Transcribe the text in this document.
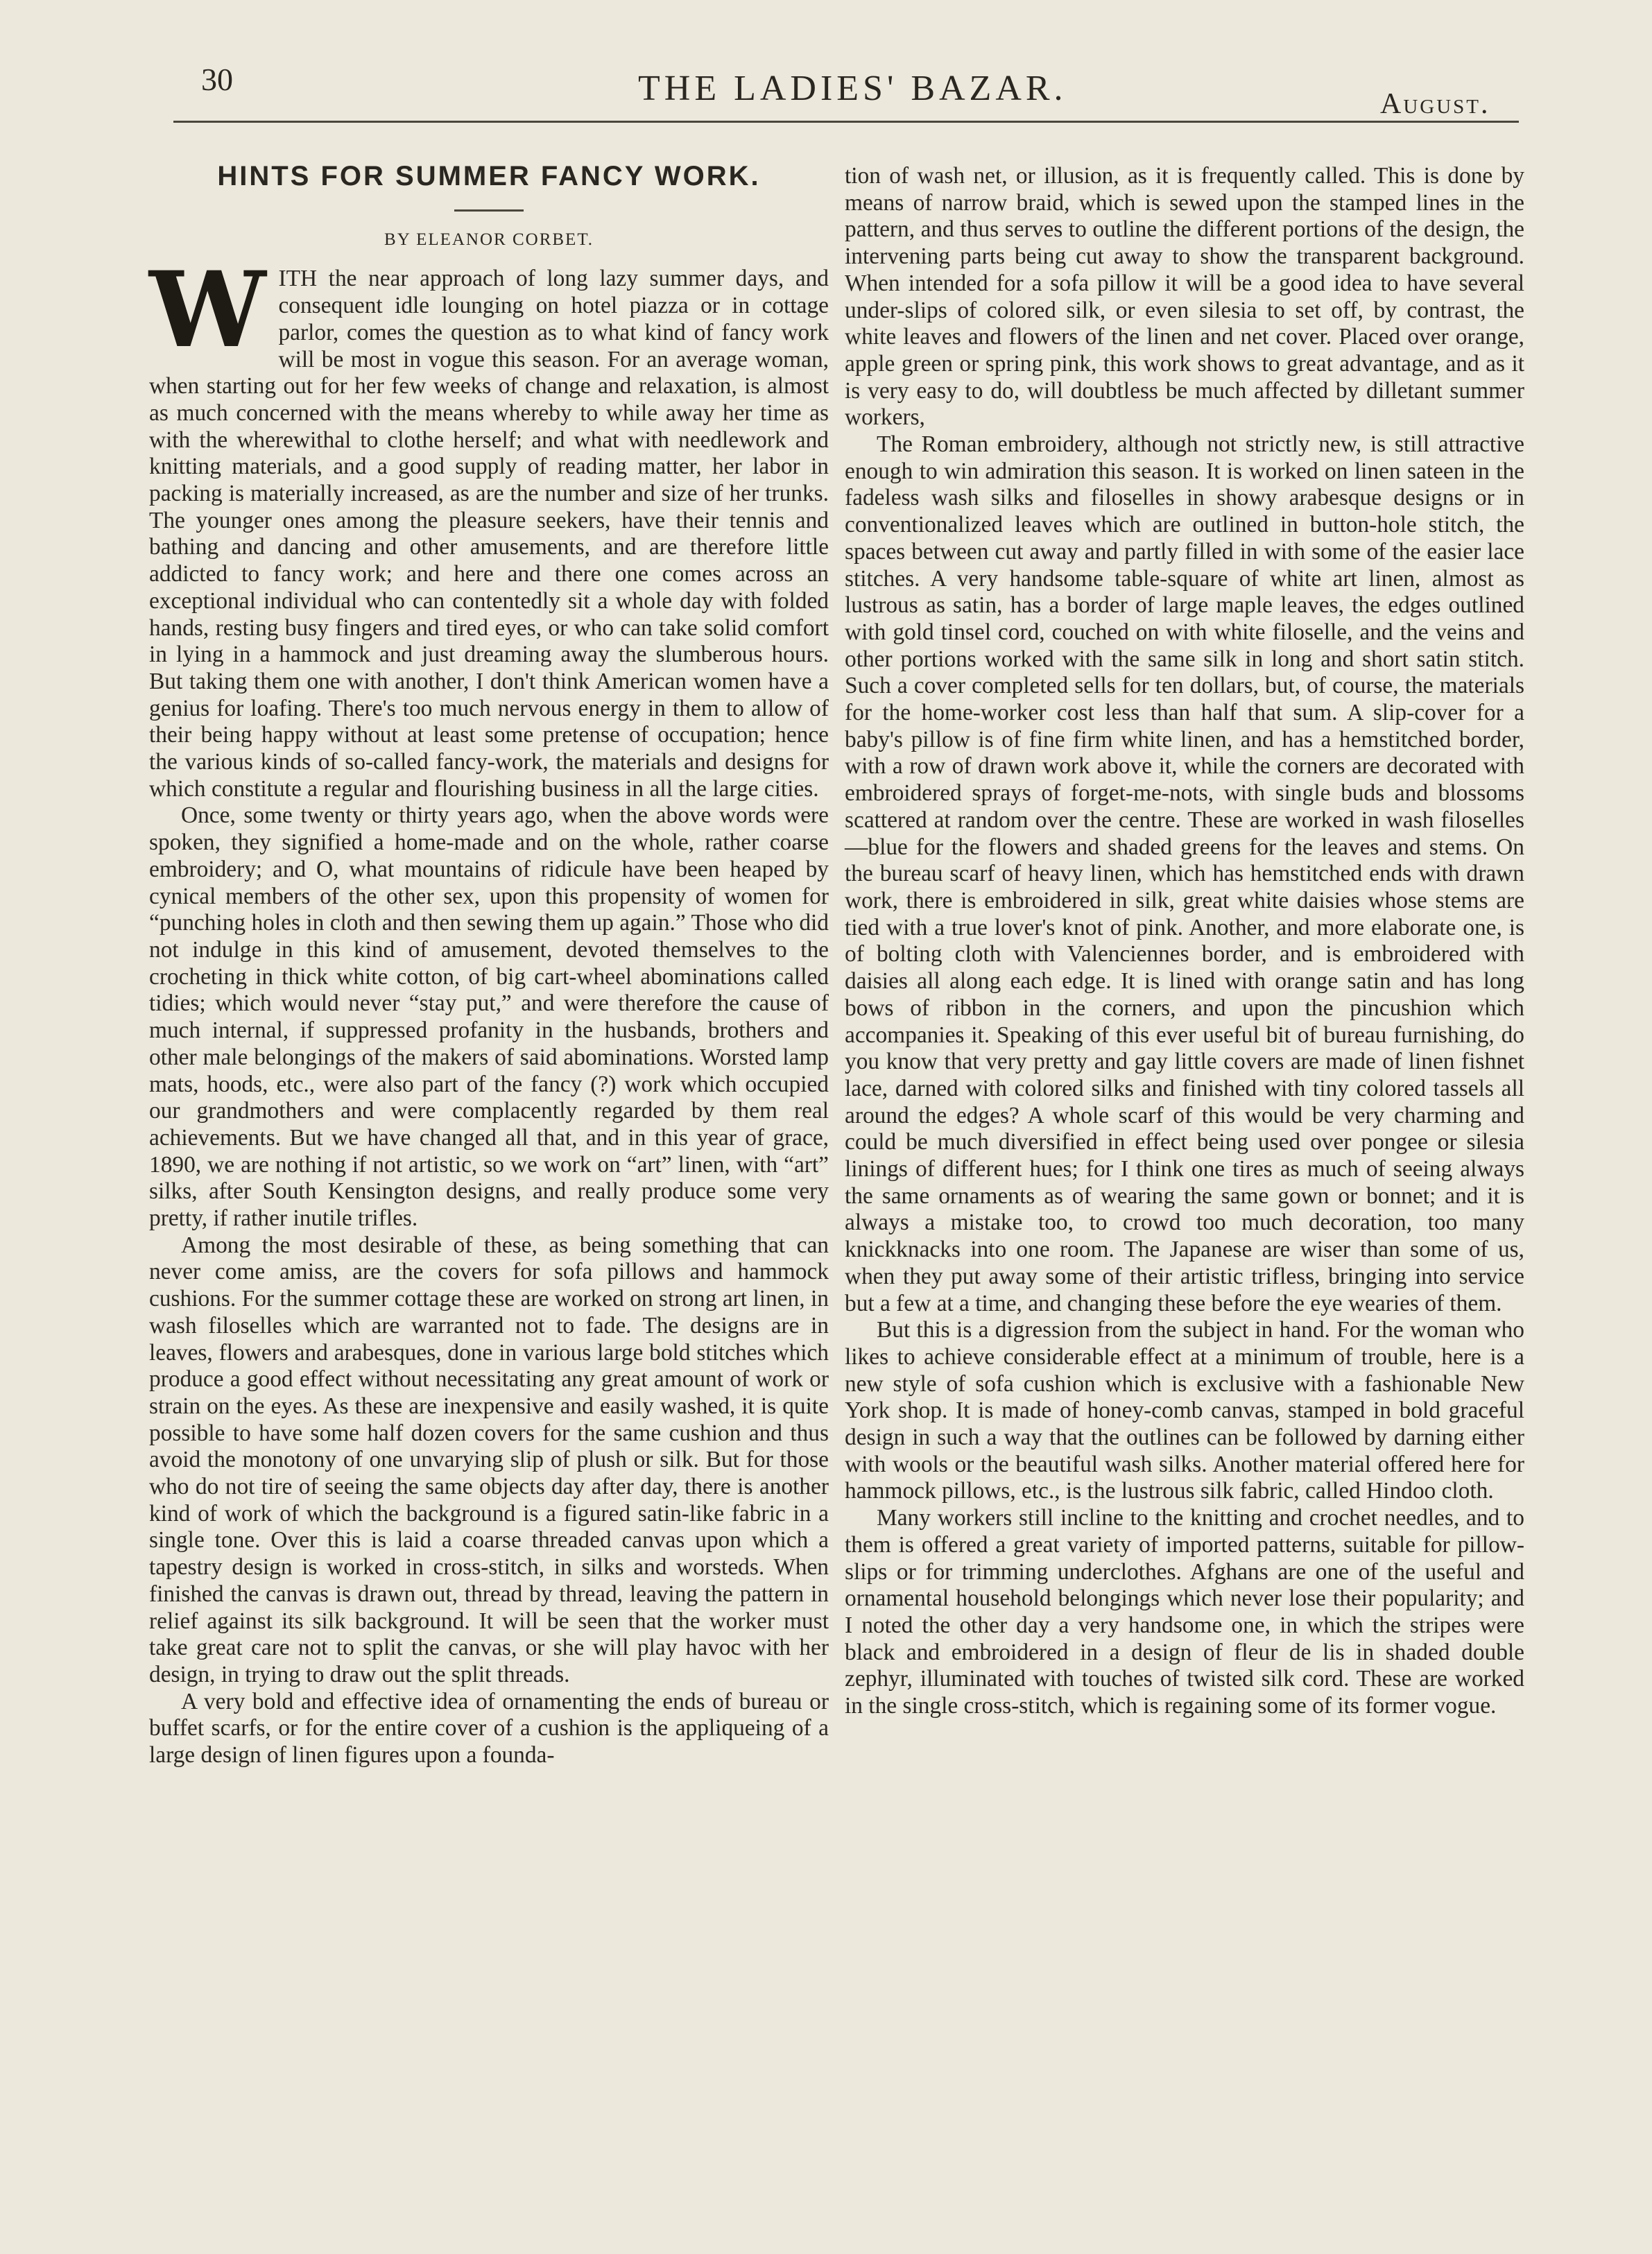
30	THE LADIES' BAZAR.	August.
HINTS FOR SUMMER FANCY WORK.

BY ELEANOR CORBET.

WITH the near approach of long lazy summer days, and consequent idle lounging on hotel piazza or in cottage parlor, comes the question as to what kind of fancy work will be most in vogue this season. For an average woman, when starting out for her few weeks of change and relaxation, is almost as much concerned with the means whereby to while away her time as with the wherewithal to clothe herself; and what with needlework and knitting materials, and a good supply of reading matter, her labor in packing is materially increased, as are the number and size of her trunks. The younger ones among the pleasure seekers, have their tennis and bathing and dancing and other amusements, and are therefore little addicted to fancy work; and here and there one comes across an exceptional individual who can contentedly sit a whole day with folded hands, resting busy fingers and tired eyes, or who can take solid comfort in lying in a hammock and just dreaming away the slumberous hours. But taking them one with another, I don't think American women have a genius for loafing. There's too much nervous energy in them to allow of their being happy without at least some pretense of occupation; hence the various kinds of so-called fancy-work, the materials and designs for which constitute a regular and flourishing business in all the large cities.

Once, some twenty or thirty years ago, when the above words were spoken, they signified a home-made and on the whole, rather coarse embroidery; and O, what mountains of ridicule have been heaped by cynical members of the other sex, upon this propensity of women for “punching holes in cloth and then sewing them up again.” Those who did not indulge in this kind of amusement, devoted themselves to the crocheting in thick white cotton, of big cart-wheel abominations called tidies; which would never “stay put,” and were therefore the cause of much internal, if suppressed profanity in the husbands, brothers and other male belongings of the makers of said abominations. Worsted lamp mats, hoods, etc., were also part of the fancy (?) work which occupied our grandmothers and were complacently regarded by them real achievements. But we have changed all that, and in this year of grace, 1890, we are nothing if not artistic, so we work on “art” linen, with “art” silks, after South Kensington designs, and really produce some very pretty, if rather inutile trifles.

Among the most desirable of these, as being something that can never come amiss, are the covers for sofa pillows and hammock cushions. For the summer cottage these are worked on strong art linen, in wash filoselles which are warranted not to fade. The designs are in leaves, flowers and arabesques, done in various large bold stitches which produce a good effect without necessitating any great amount of work or strain on the eyes. As these are inexpensive and easily washed, it is quite possible to have some half dozen covers for the same cushion and thus avoid the monotony of one unvarying slip of plush or silk. But for those who do not tire of seeing the same objects day after day, there is another kind of work of which the background is a figured satin-like fabric in a single tone. Over this is laid a coarse threaded canvas upon which a tapestry design is worked in cross-stitch, in silks and worsteds. When finished the canvas is drawn out, thread by thread, leaving the pattern in relief against its silk background. It will be seen that the worker must take great care not to split the canvas, or she will play havoc with her design, in trying to draw out the split threads.

A very bold and effective idea of ornamenting the ends of bureau or buffet scarfs, or for the entire cover of a cushion is the appliqueing of a large design of linen figures upon a founda-

tion of wash net, or illusion, as it is frequently called. This is done by means of narrow braid, which is sewed upon the stamped lines in the pattern, and thus serves to outline the different portions of the design, the intervening parts being cut away to show the transparent background. When intended for a sofa pillow it will be a good idea to have several under-slips of colored silk, or even silesia to set off, by contrast, the white leaves and flowers of the linen and net cover. Placed over orange, apple green or spring pink, this work shows to great advantage, and as it is very easy to do, will doubtless be much affected by dilletant summer workers,

The Roman embroidery, although not strictly new, is still attractive enough to win admiration this season. It is worked on linen sateen in the fadeless wash silks and filoselles in showy arabesque designs or in conventionalized leaves which are outlined in button-hole stitch, the spaces between cut away and partly filled in with some of the easier lace stitches. A very handsome table-square of white art linen, almost as lustrous as satin, has a border of large maple leaves, the edges outlined with gold tinsel cord, couched on with white filoselle, and the veins and other portions worked with the same silk in long and short satin stitch. Such a cover completed sells for ten dollars, but, of course, the materials for the home-worker cost less than half that sum. A slip-cover for a baby's pillow is of fine firm white linen, and has a hemstitched border, with a row of drawn work above it, while the corners are decorated with embroidered sprays of forget-me-nots, with single buds and blossoms scattered at random over the centre. These are worked in wash filoselles —blue for the flowers and shaded greens for the leaves and stems. On the bureau scarf of heavy linen, which has hemstitched ends with drawn work, there is embroidered in silk, great white daisies whose stems are tied with a true lover's knot of pink. Another, and more elaborate one, is of bolting cloth with Valenciennes border, and is embroidered with daisies all along each edge. It is lined with orange satin and has long bows of ribbon in the corners, and upon the pincushion which accompanies it. Speaking of this ever useful bit of bureau furnishing, do you know that very pretty and gay little covers are made of linen fishnet lace, darned with colored silks and finished with tiny colored tassels all around the edges? A whole scarf of this would be very charming and could be much diversified in effect being used over pongee or silesia linings of different hues; for I think one tires as much of seeing always the same ornaments as of wearing the same gown or bonnet; and it is always a mistake too, to crowd too much decoration, too many knickknacks into one room. The Japanese are wiser than some of us, when they put away some of their artistic trifless, bringing into service but a few at a time, and changing these before the eye wearies of them.

But this is a digression from the subject in hand. For the woman who likes to achieve considerable effect at a minimum of trouble, here is a new style of sofa cushion which is exclusive with a fashionable New York shop. It is made of honey-comb canvas, stamped in bold graceful design in such a way that the outlines can be followed by darning either with wools or the beautiful wash silks. Another material offered here for hammock pillows, etc., is the lustrous silk fabric, called Hindoo cloth.

Many workers still incline to the knitting and crochet needles, and to them is offered a great variety of imported patterns, suitable for pillow-slips or for trimming underclothes. Afghans are one of the useful and ornamental household belongings which never lose their popularity; and I noted the other day a very handsome one, in which the stripes were black and embroidered in a design of fleur de lis in shaded double zephyr, illuminated with touches of twisted silk cord. These are worked in the single cross-stitch, which is regaining some of its former vogue.
